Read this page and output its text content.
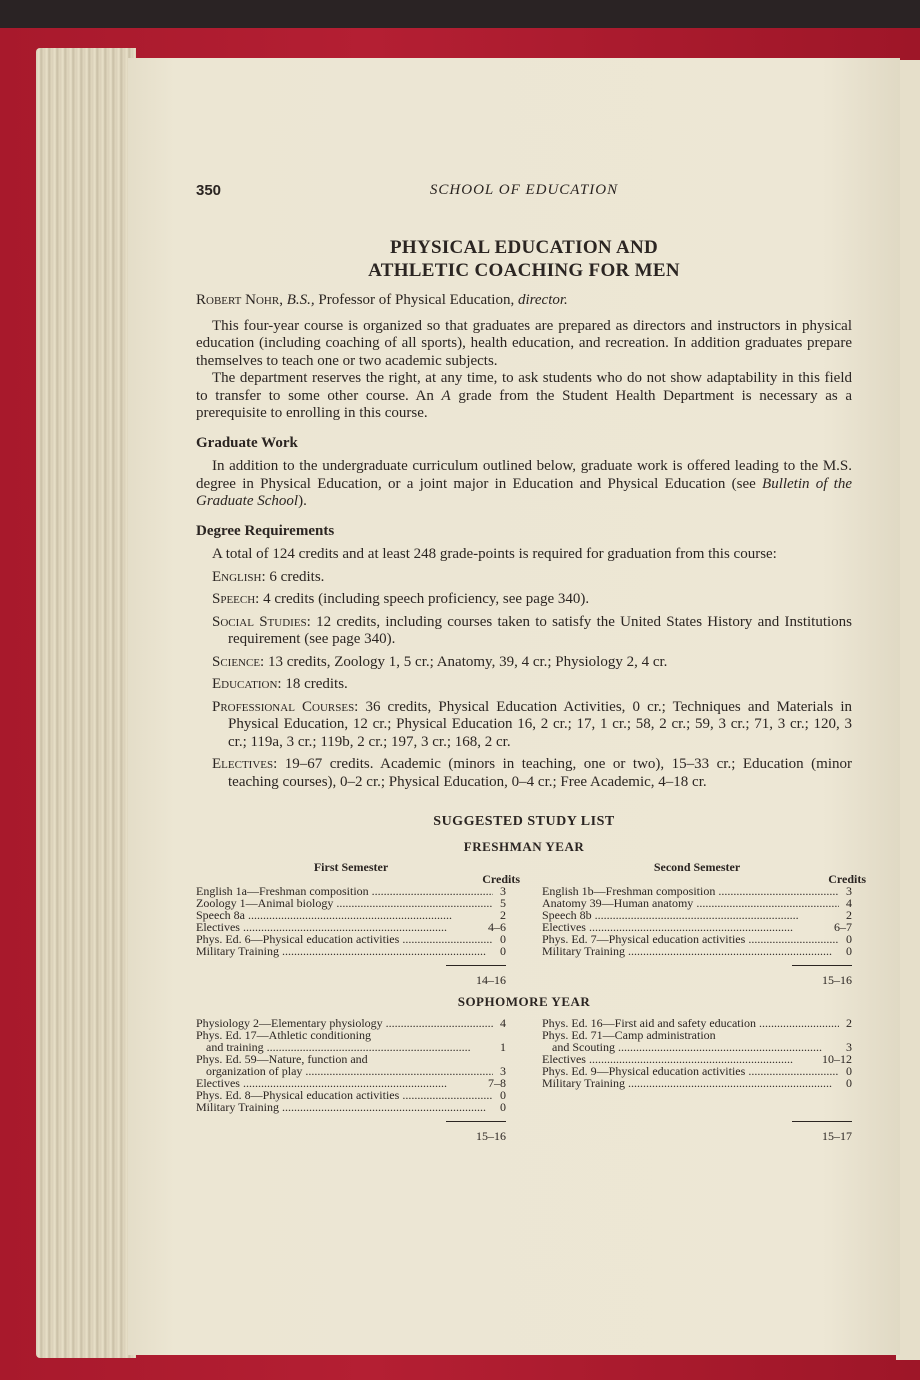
350	SCHOOL OF EDUCATION
PHYSICAL EDUCATION AND
ATHLETIC COACHING FOR MEN

Robert Nohr, B.S., Professor of Physical Education, director.

This four-year course is organized so that graduates are prepared as directors and instructors in physical education (including coaching of all sports), health education, and recreation. In addition graduates prepare themselves to teach one or two academic subjects.

The department reserves the right, at any time, to ask students who do not show adaptability in this field to transfer to some other course. An A grade from the Student Health Department is necessary as a prerequisite to enrolling in this course.

Graduate Work

In addition to the undergraduate curriculum outlined below, graduate work is offered leading to the M.S. degree in Physical Education, or a joint major in Education and Physical Education (see Bulletin of the Graduate School).

Degree Requirements

A total of 124 credits and at least 248 grade-points is required for graduation from this course:

English: 6 credits.

Speech: 4 credits (including speech proficiency, see page 340).

Social Studies: 12 credits, including courses taken to satisfy the United States History and Institutions requirement (see page 340).

Science: 13 credits, Zoology 1, 5 cr.; Anatomy, 39, 4 cr.; Physiology 2, 4 cr.

Education: 18 credits.

Professional Courses: 36 credits, Physical Education Activities, 0 cr.; Techniques and Materials in Physical Education, 12 cr.; Physical Education 16, 2 cr.; 17, 1 cr.; 58, 2 cr.; 59, 3 cr.; 71, 3 cr.; 120, 3 cr.; 119a, 3 cr.; 119b, 2 cr.; 197, 3 cr.; 168, 2 cr.

Electives: 19–67 credits. Academic (minors in teaching, one or two), 15–33 cr.; Education (minor teaching courses), 0–2 cr.; Physical Education, 0–4 cr.; Free Academic, 4–18 cr.

SUGGESTED STUDY LIST
FRESHMAN YEAR
First Semester
Credits
English 1a—Freshman composition . . .	3
Zoology 1—Animal biology . . .	5
Speech 8a . . .	2
Electives . . .	4–6
Phys. Ed. 6—Physical education activities . . .	0
Military Training . . .	0
14–16
Second Semester
Credits
English 1b—Freshman composition . . .	3
Anatomy 39—Human anatomy . . .	4
Speech 8b . . .	2
Electives . . .	6–7
Phys. Ed. 7—Physical education activities . . .	0
Military Training . . .	0
15–16
SOPHOMORE YEAR
Physiology 2—Elementary physiology . . .	4
Phys. Ed. 17—Athletic conditioning
and training . . .	1
Phys. Ed. 59—Nature, function and
organization of play . . .	3
Electives . . .	7–8
Phys. Ed. 8—Physical education activities . . .	0
Military Training . . .	0
15–16
Phys. Ed. 16—First aid and safety education . . .	2
Phys. Ed. 71—Camp administration
and Scouting . . .	3
Electives . . .	10–12
Phys. Ed. 9—Physical education activities . . .	0
Military Training . . .	0
15–17
